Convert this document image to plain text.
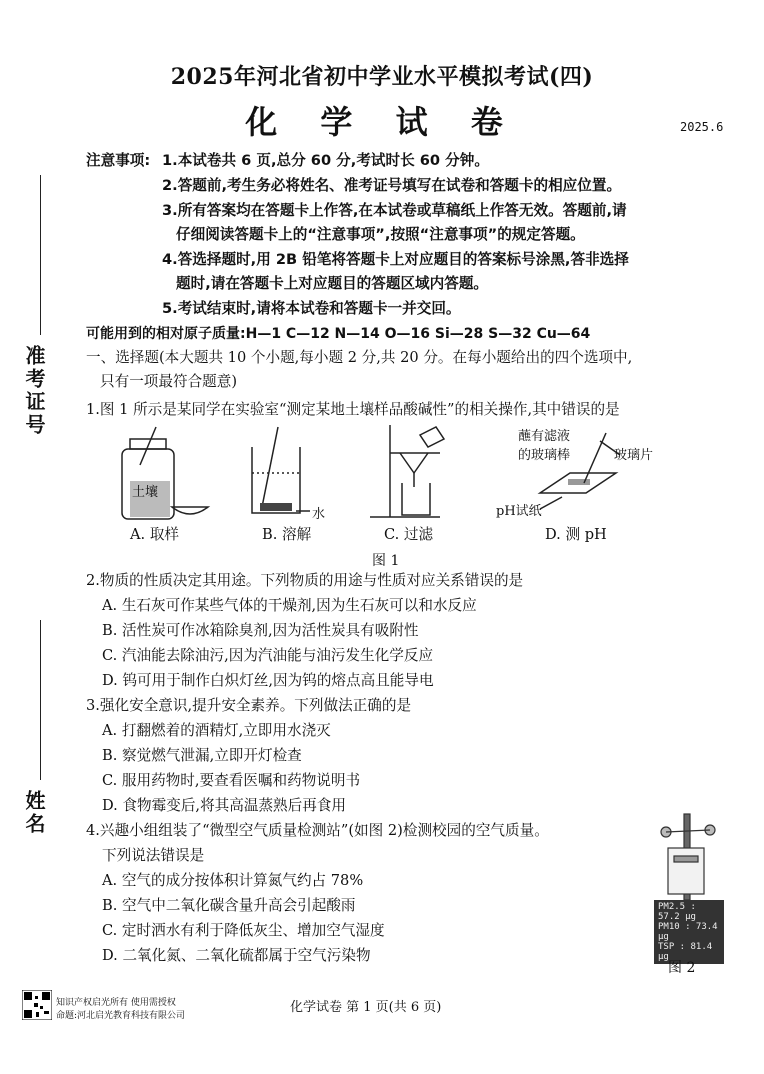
2025年河北省初中学业水平模拟考试(四)
化 学 试 卷	2025.6
准考证号
姓名
注意事项: 1.本试卷共 6 页,总分 60 分,考试时长 60 分钟。
2.答题前,考生务必将姓名、准考证号填写在试卷和答题卡的相应位置。
3.所有答案均在答题卡上作答,在本试卷或草稿纸上作答无效。答题前,请
仔细阅读答题卡上的“注意事项”,按照“注意事项”的规定答题。
4.答选择题时,用 2B 铅笔将答题卡上对应题目的答案标号涂黑,答非选择
题时,请在答题卡上对应题目的答题区域内答题。
5.考试结束时,请将本试卷和答题卡一并交回。
可能用到的相对原子质量:H—1 C—12 N—14 O—16 Si—28 S—32 Cu—64
一、选择题(本大题共 10 个小题,每小题 2 分,共 20 分。在每小题给出的四个选项中,
只有一项最符合题意)
1.图 1 所示是某同学在实验室“测定某地土壤样品酸碱性”的相关操作,其中错误的是
土壤
水
蘸有滤液
的玻璃棒	玻璃片
pH试纸
A. 取样	B. 溶解	C. 过滤	D. 测 pH
图 1
2.物质的性质决定其用途。下列物质的用途与性质对应关系错误的是
A. 生石灰可作某些气体的干燥剂,因为生石灰可以和水反应
B. 活性炭可作冰箱除臭剂,因为活性炭具有吸附性
C. 汽油能去除油污,因为汽油能与油污发生化学反应
D. 钨可用于制作白炽灯丝,因为钨的熔点高且能导电
3.强化安全意识,提升安全素养。下列做法正确的是
A. 打翻燃着的酒精灯,立即用水浇灭
B. 察觉燃气泄漏,立即开灯检查
C. 服用药物时,要查看医嘱和药物说明书
D. 食物霉变后,将其高温蒸熟后再食用
4.兴趣小组组装了“微型空气质量检测站”(如图 2)检测校园的空气质量。
下列说法错误是
A. 空气的成分按体积计算氮气约占 78%
B. 空气中二氧化碳含量升高会引起酸雨
C. 定时洒水有利于降低灰尘、增加空气湿度
D. 二氧化氮、二氧化硫都属于空气污染物
PM2.5 : 57.2 μg
PM10 : 73.4 μg
TSP : 81.4 μg
图 2
知识产权启光所有 使用需授权
命题:河北启光教育科技有限公司
化学试卷 第 1 页(共 6 页)
